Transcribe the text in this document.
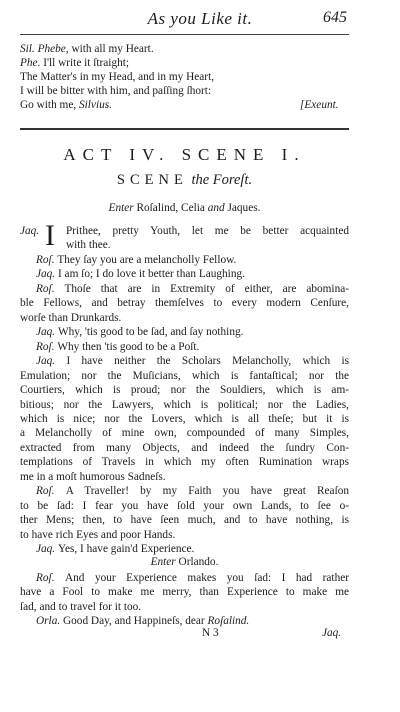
As you Like it.	645
Sil. Phebe, with all my Heart.
Phe. I'll write it ſtraight;
The Matter's in my Head, and in my Heart,
I will be bitter with him, and paſſing ſhort:
Go with me, Silvius.	[Exeunt.
ACT IV. SCENE I.
SCENE the Foreſt.
Enter Roſalind, Celia and Jaques.
Jaq. I Prithee, pretty Youth, let me be better acquainted
with thee.
Roſ. They ſay you are a melancholly Fellow.
Jaq. I am ſo; I do love it better than Laughing.
Roſ. Thoſe that are in Extremity of either, are abomina-
ble Fellows, and betray themſelves to every modern Cenſure,
worſe than Drunkards.
Jaq. Why, 'tis good to be ſad, and ſay nothing.
Roſ. Why then 'tis good to be a Poſt.
Jaq. I have neither the Scholars Melancholly, which is
Emulation; nor the Muſicians, which is fantaſtical; nor the
Courtiers, which is proud; nor the Souldiers, which is am-
bitious; nor the Lawyers, which is political; nor the Ladies,
which is nice; nor the Lovers, which is all theſe; but it is
a Melancholly of mine own, compounded of many Simples,
extracted from many Objects, and indeed the ſundry Con-
templations of Travels in which my often Rumination wraps
me in a moſt humorous Sadneſs.
Roſ. A Traveller! by my Faith you have great Reaſon
to be ſad: I fear you have ſold your own Lands, to ſee o-
ther Mens; then, to have ſeen much, and to have nothing, is
to have rich Eyes and poor Hands.
Jaq. Yes, I have gain'd Experience.
Enter Orlando.
Roſ. And your Experience makes you ſad: I had rather
have a Fool to make me merry, than Experience to make me
ſad, and to travel for it too.
Orla. Good Day, and Happineſs, dear Roſalind.
N 3	Jaq.
